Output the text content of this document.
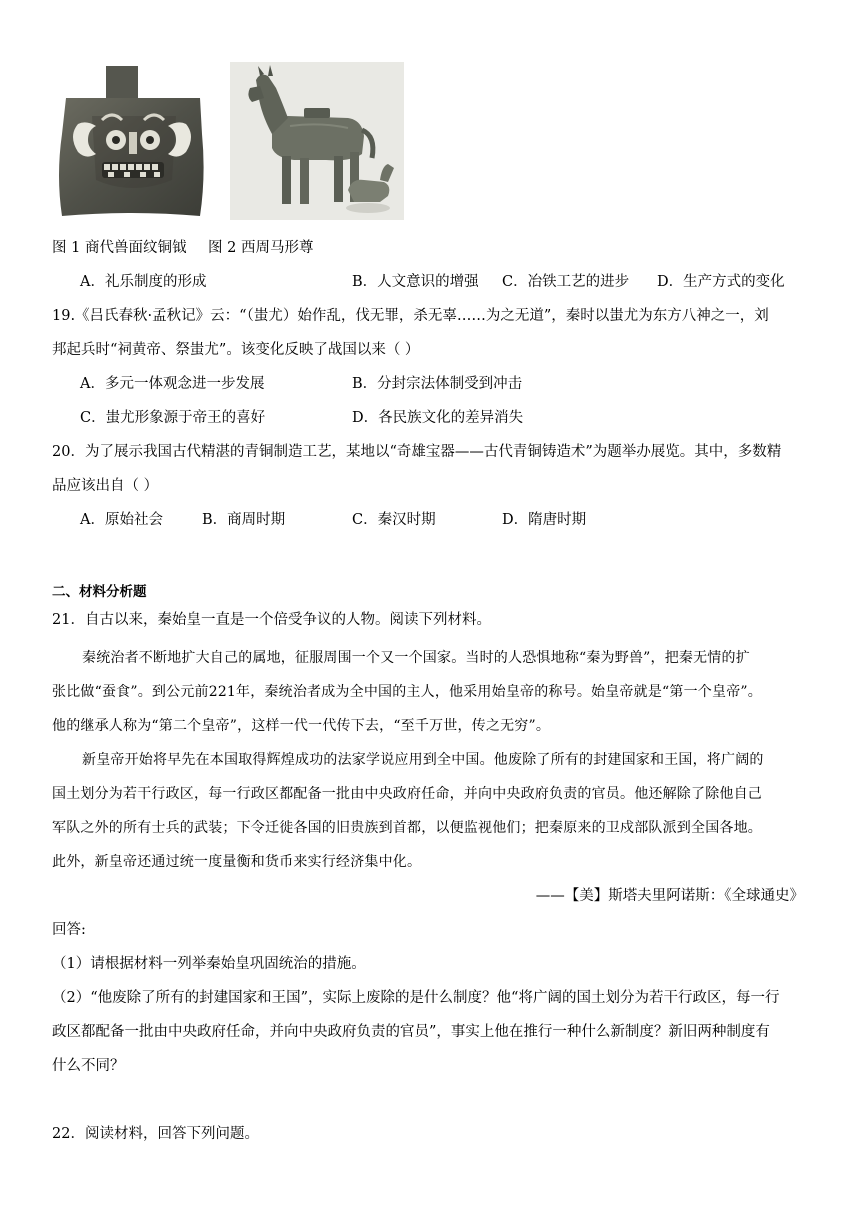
图 1 商代兽面纹铜钺 图 2 西周马形尊
A．礼乐制度的形成	B．人文意识的增强 C．冶铁工艺的进步 D．生产方式的变化
19.《吕氏春秋·孟秋记》云：“（蚩尤）始作乱，伐无罪，杀无辜……为之无道”，秦时以蚩尤为东方八神之一，刘
邦起兵时“祠黄帝、祭蚩尤”。该变化反映了战国以来（ ）
A．多元一体观念进一步发展	B．分封宗法体制受到冲击
C．蚩尤形象源于帝王的喜好	D．各民族文化的差异消失
20．为了展示我国古代精湛的青铜制造工艺，某地以“奇雄宝器——古代青铜铸造术”为题举办展览。其中，多数精
品应该出自（ ）
A．原始社会	B．商周时期	C．秦汉时期	D．隋唐时期
二、材料分析题
21．自古以来，秦始皇一直是一个倍受争议的人物。阅读下列材料。
秦统治者不断地扩大自己的属地，征服周围一个又一个国家。当时的人恐惧地称“秦为野兽”，把秦无情的扩
张比做“蚕食”。到公元前221年，秦统治者成为全中国的主人，他采用始皇帝的称号。始皇帝就是“第一个皇帝”。
他的继承人称为“第二个皇帝”，这样一代一代传下去，“至千万世，传之无穷”。
新皇帝开始将早先在本国取得辉煌成功的法家学说应用到全中国。他废除了所有的封建国家和王国，将广阔的
国土划分为若干行政区，每一行政区都配备一批由中央政府任命，并向中央政府负责的官员。他还解除了除他自己
军队之外的所有士兵的武装；下令迁徙各国的旧贵族到首都，以便监视他们；把秦原来的卫戍部队派到全国各地。
此外，新皇帝还通过统一度量衡和货币来实行经济集中化。
——【美】斯塔夫里阿诺斯：《全球通史》
回答:
（1）请根据材料一列举秦始皇巩固统治的措施。
（2）“他废除了所有的封建国家和王国”，实际上废除的是什么制度？他“将广阔的国土划分为若干行政区，每一行
政区都配备一批由中央政府任命，并向中央政府负责的官员”，事实上他在推行一种什么新制度？新旧两种制度有
什么不同？
22．阅读材料，回答下列问题。
